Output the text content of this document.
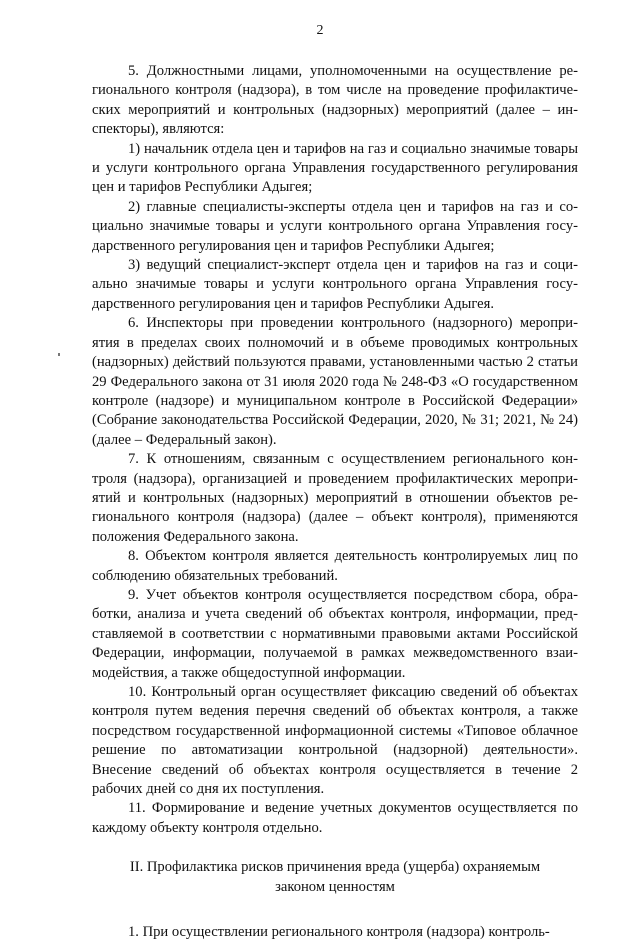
2

5. Должностными лицами, уполномоченными на осуществление регионального контроля (надзора), в том числе на проведение профилактических мероприятий и контрольных (надзорных) мероприятий (далее – инспекторы), являются:

1) начальник отдела цен и тарифов на газ и социально значимые товары и услуги контрольного органа Управления государственного регулирования цен и тарифов Республики Адыгея;

2) главные специалисты-эксперты отдела цен и тарифов на газ и социально значимые товары и услуги контрольного органа Управления государственного регулирования цен и тарифов Республики Адыгея;

3) ведущий специалист-эксперт отдела цен и тарифов на газ и социально значимые товары и услуги контрольного органа Управления государственного регулирования цен и тарифов Республики Адыгея.

6. Инспекторы при проведении контрольного (надзорного) мероприятия в пределах своих полномочий и в объеме проводимых контрольных (надзорных) действий пользуются правами, установленными частью 2 статьи 29 Федерального закона от 31 июля 2020 года № 248-ФЗ «О государственном контроле (надзоре) и муниципальном контроле в Российской Федерации» (Собрание законодательства Российской Федерации, 2020, № 31; 2021, № 24) (далее – Федеральный закон).

7. К отношениям, связанным с осуществлением регионального контроля (надзора), организацией и проведением профилактических мероприятий и контрольных (надзорных) мероприятий в отношении объектов регионального контроля (надзора) (далее – объект контроля), применяются положения Федерального закона.

8. Объектом контроля является деятельность контролируемых лиц по соблюдению обязательных требований.

9. Учет объектов контроля осуществляется посредством сбора, обработки, анализа и учета сведений об объектах контроля, информации, представляемой в соответствии с нормативными правовыми актами Российской Федерации, информации, получаемой в рамках межведомственного взаимодействия, а также общедоступной информации.

10. Контрольный орган осуществляет фиксацию сведений об объектах контроля путем ведения перечня сведений об объектах контроля, а также посредством государственной информационной системы «Типовое облачное решение по автоматизации контрольной (надзорной) деятельности». Внесение сведений об объектах контроля осуществляется в течение 2 рабочих дней со дня их поступления.

11. Формирование и ведение учетных документов осуществляется по каждому объекту контроля отдельно.

II. Профилактика рисков причинения вреда (ущерба) охраняемым
законом ценностям

1. При осуществлении регионального контроля (надзора) контроль-
